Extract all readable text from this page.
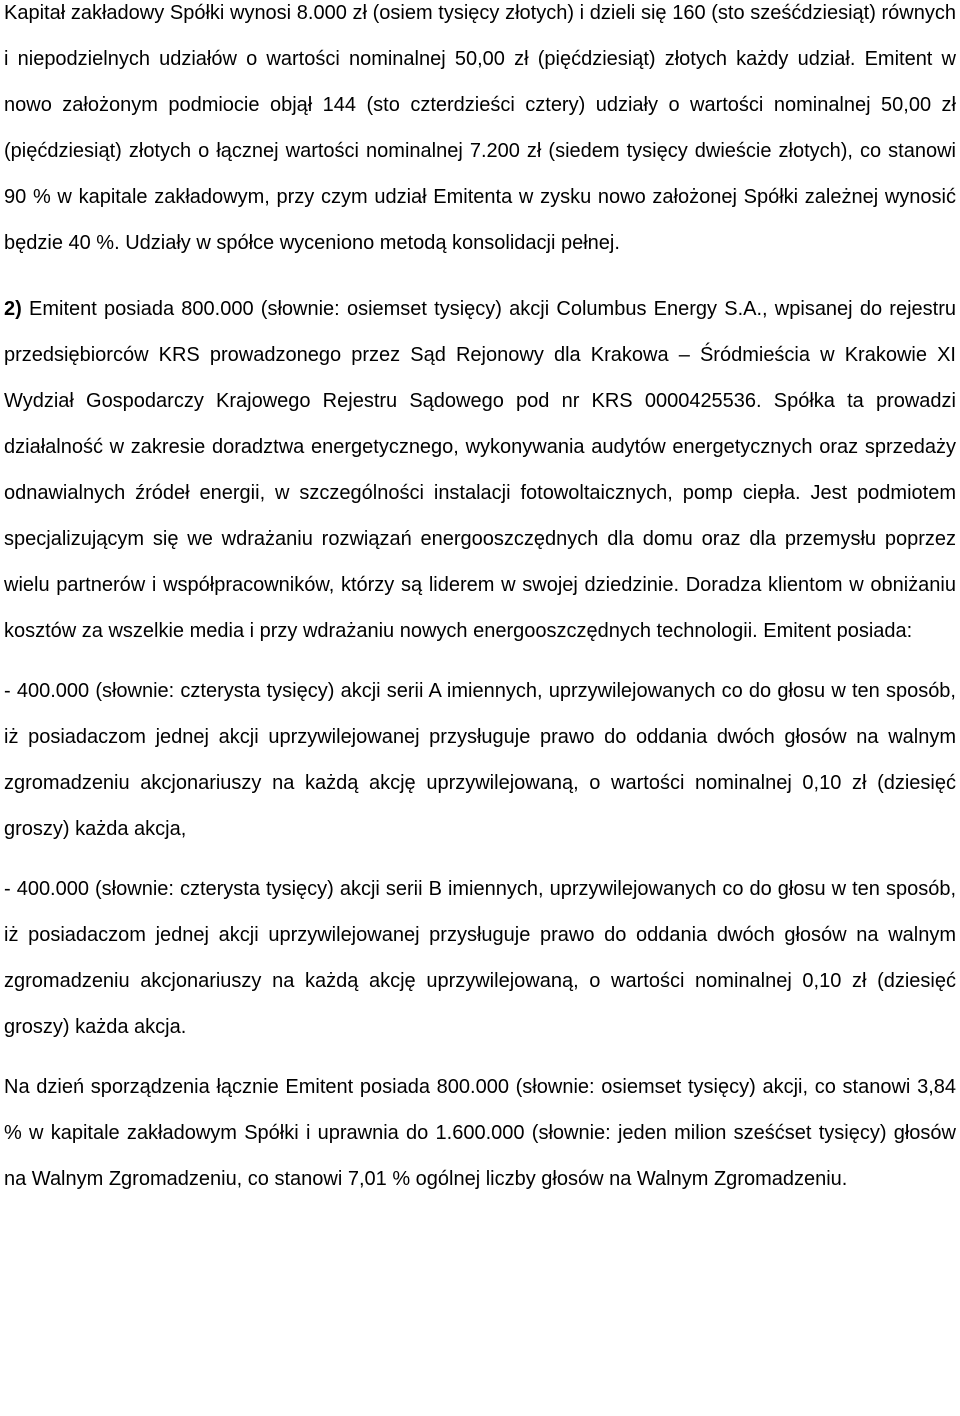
Kapitał zakładowy Spółki wynosi 8.000 zł (osiem tysięcy złotych) i dzieli się 160 (sto sześćdziesiąt) równych i niepodzielnych udziałów o wartości nominalnej 50,00 zł (pięćdziesiąt) złotych każdy udział. Emitent w nowo założonym podmiocie objął 144 (sto czterdzieści cztery) udziały o wartości nominalnej 50,00 zł (pięćdziesiąt) złotych o łącznej wartości nominalnej 7.200 zł (siedem tysięcy dwieście złotych), co stanowi 90 % w kapitale zakładowym, przy czym udział Emitenta w zysku nowo założonej Spółki zależnej wynosić będzie 40 %. Udziały w spółce wyceniono metodą konsolidacji pełnej.

2) Emitent posiada 800.000 (słownie: osiemset tysięcy) akcji Columbus Energy S.A., wpisanej do rejestru przedsiębiorców KRS prowadzonego przez Sąd Rejonowy dla Krakowa – Śródmieścia w Krakowie XI Wydział Gospodarczy Krajowego Rejestru Sądowego pod nr KRS 0000425536. Spółka ta prowadzi działalność w zakresie doradztwa energetycznego, wykonywania audytów energetycznych oraz sprzedaży odnawialnych źródeł energii, w szczególności instalacji fotowoltaicznych, pomp ciepła. Jest podmiotem specjalizującym się we wdrażaniu rozwiązań energooszczędnych dla domu oraz dla przemysłu poprzez wielu partnerów i współpracowników, którzy są liderem w swojej dziedzinie. Doradza klientom w obniżaniu kosztów za wszelkie media i przy wdrażaniu nowych energooszczędnych technologii. Emitent posiada:

- 400.000 (słownie: czterysta tysięcy) akcji serii A imiennych, uprzywilejowanych co do głosu w ten sposób, iż posiadaczom jednej akcji uprzywilejowanej przysługuje prawo do oddania dwóch głosów na walnym zgromadzeniu akcjonariuszy na każdą akcję uprzywilejowaną, o wartości nominalnej 0,10 zł (dziesięć groszy) każda akcja,

- 400.000 (słownie: czterysta tysięcy) akcji serii B imiennych, uprzywilejowanych co do głosu w ten sposób, iż posiadaczom jednej akcji uprzywilejowanej przysługuje prawo do oddania dwóch głosów na walnym zgromadzeniu akcjonariuszy na każdą akcję uprzywilejowaną, o wartości nominalnej 0,10 zł (dziesięć groszy) każda akcja.

Na dzień sporządzenia łącznie Emitent posiada 800.000 (słownie: osiemset tysięcy) akcji, co stanowi 3,84 % w kapitale zakładowym Spółki i uprawnia do 1.600.000 (słownie: jeden milion sześćset tysięcy) głosów na Walnym Zgromadzeniu, co stanowi 7,01 % ogólnej liczby głosów na Walnym Zgromadzeniu.
